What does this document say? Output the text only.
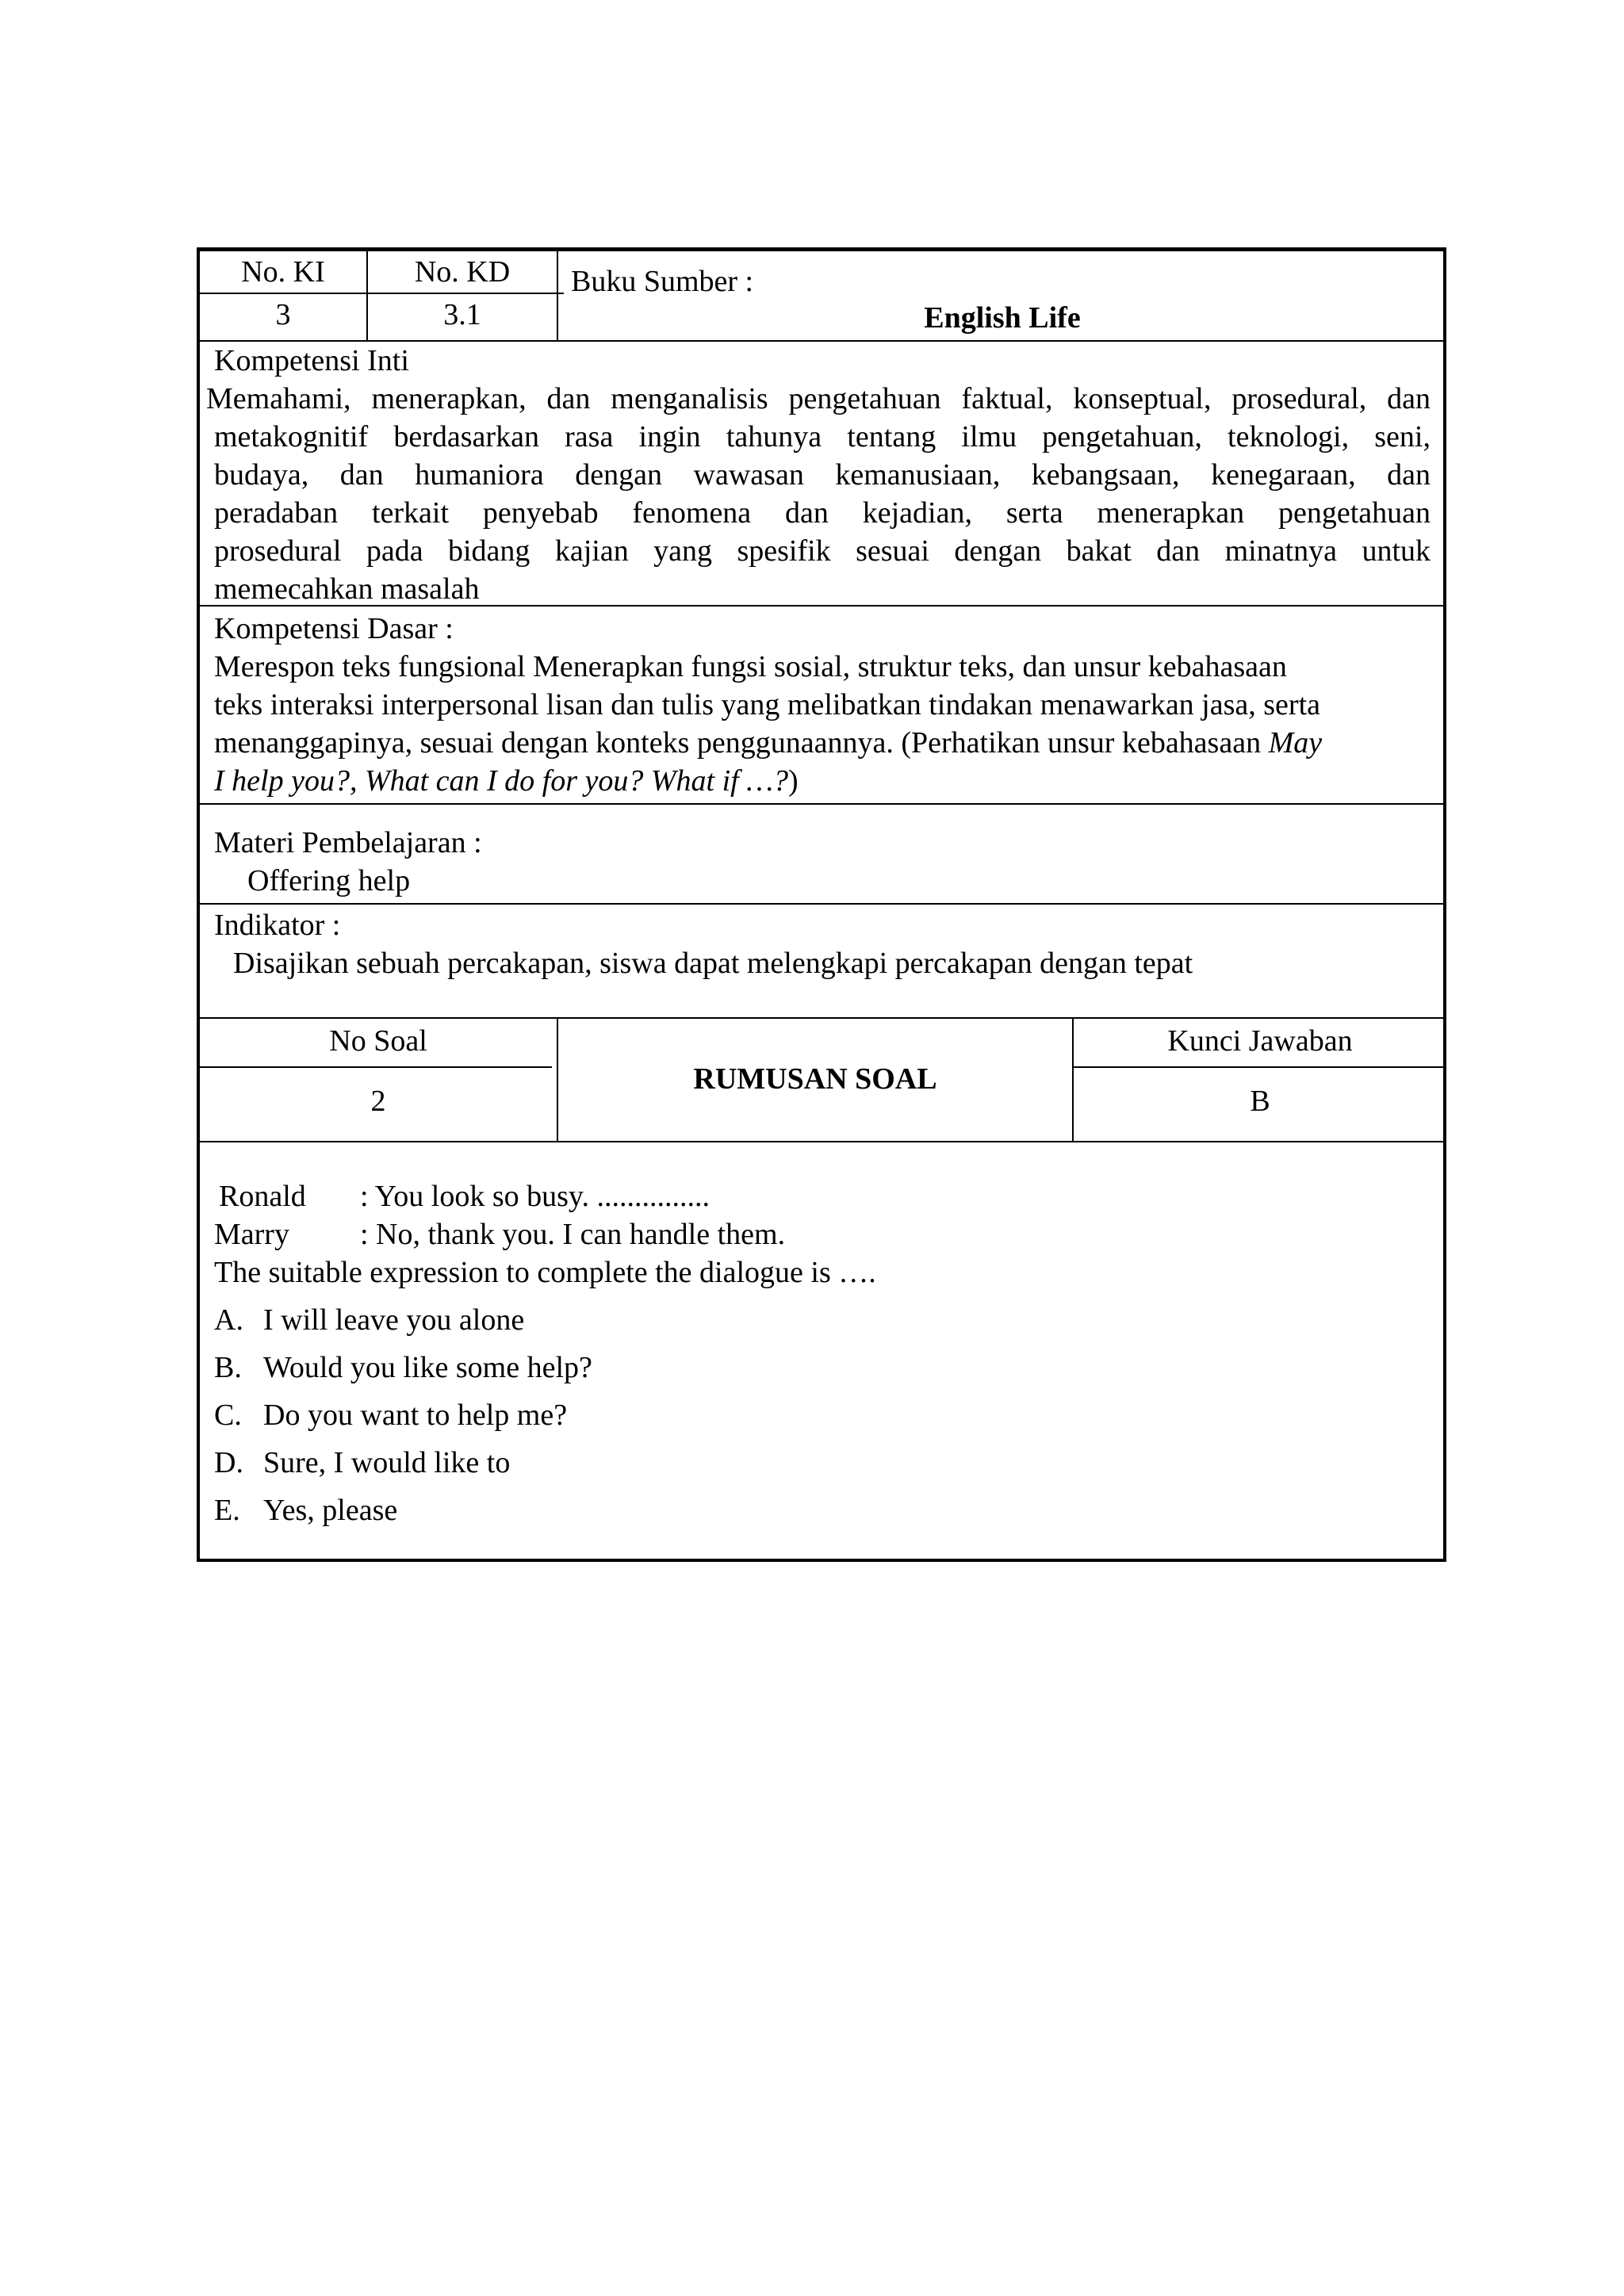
No. KI	No. KD
3	3.1
Buku Sumber :
English Life
Kompetensi Inti
Memahami, menerapkan, dan menganalisis pengetahuan faktual, konseptual, prosedural, dan
metakognitif berdasarkan rasa ingin tahunya tentang ilmu pengetahuan, teknologi, seni,
budaya, dan humaniora dengan wawasan kemanusiaan, kebangsaan, kenegaraan, dan
peradaban terkait penyebab fenomena dan kejadian, serta menerapkan pengetahuan
prosedural pada bidang kajian yang spesifik sesuai dengan bakat dan minatnya untuk
memecahkan masalah
Kompetensi Dasar :
Merespon teks fungsional Menerapkan fungsi sosial, struktur teks, dan unsur kebahasaan
teks interaksi interpersonal lisan dan tulis yang melibatkan tindakan menawarkan jasa, serta
menanggapinya, sesuai dengan konteks penggunaannya. (Perhatikan unsur kebahasaan May
I help you?, What can I do for you? What if …?)
Materi Pembelajaran :
Offering help
Indikator :
Disajikan sebuah percakapan, siswa dapat melengkapi percakapan dengan tepat
No Soal
2
RUMUSAN SOAL
Kunci Jawaban
B
Ronald : You look so busy. ...............
Marry : No, thank you. I can handle them.
The suitable expression to complete the dialogue is ….
A. I will leave you alone
B. Would you like some help?
C. Do you want to help me?
D. Sure, I would like to
E. Yes, please
